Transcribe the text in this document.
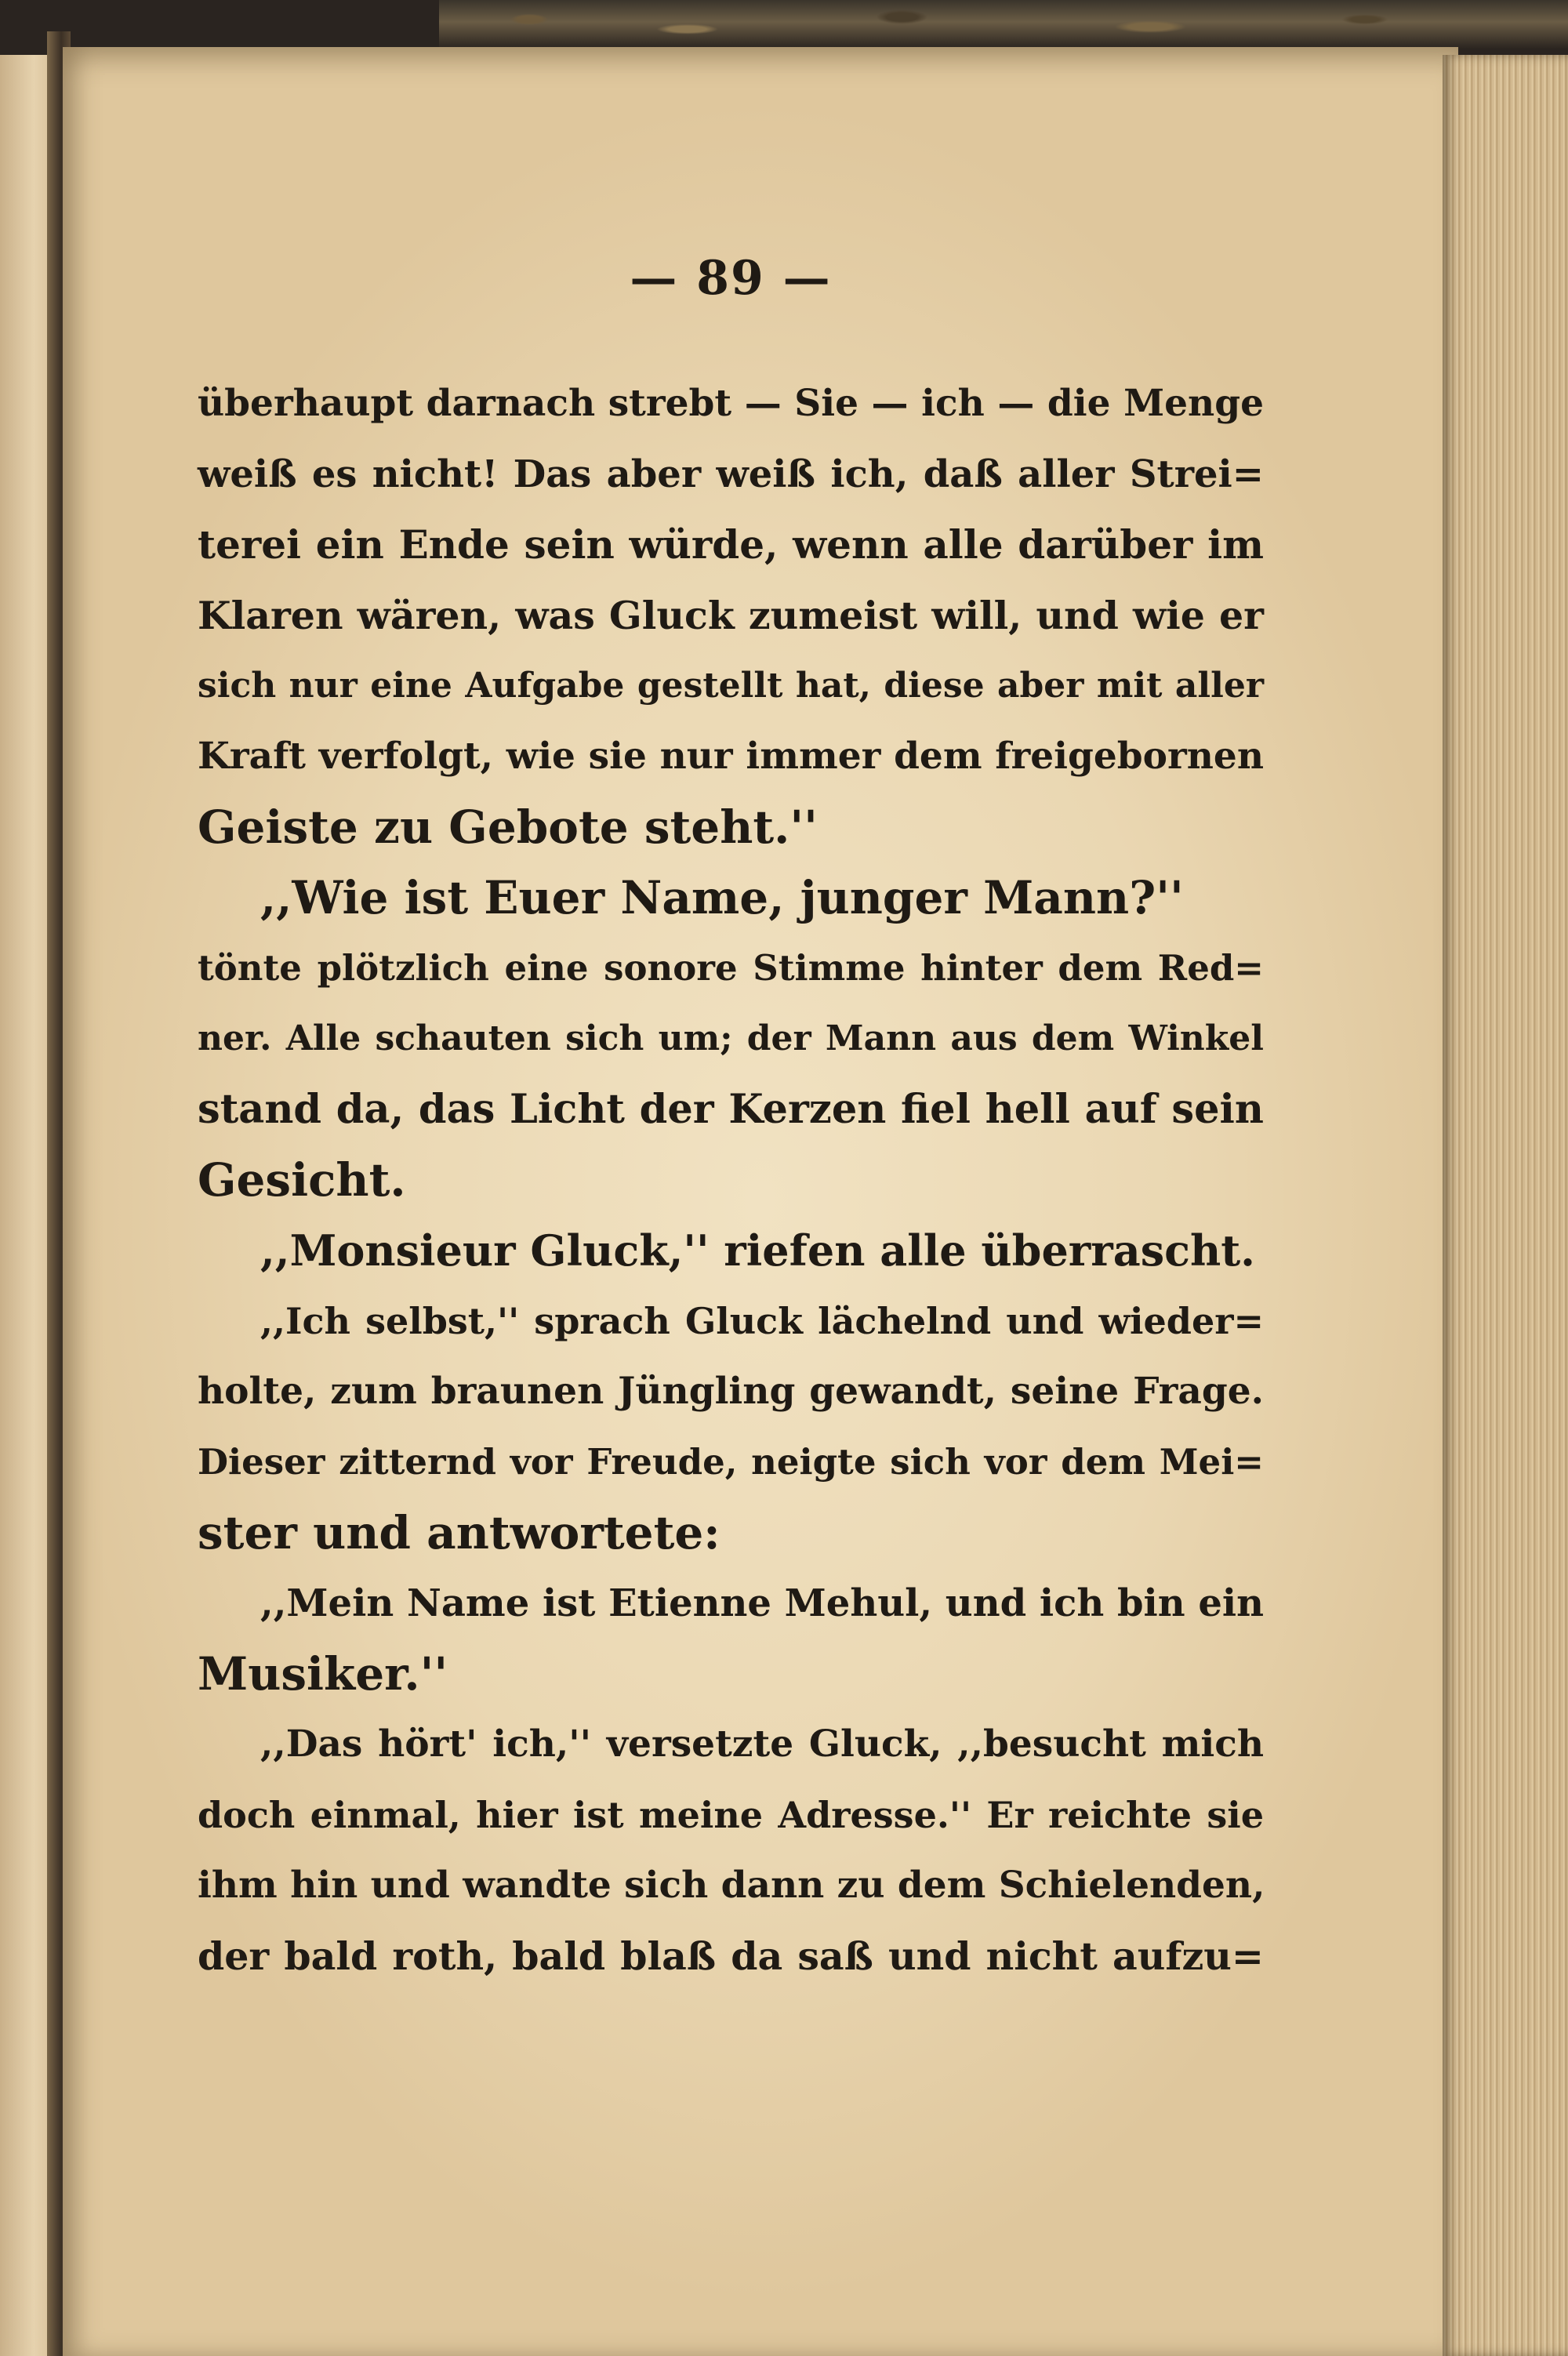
— 89 —
überhaupt darnach strebt — Sie — ich — die Menge
weiß es nicht! Das aber weiß ich, daß aller Strei=
terei ein Ende sein würde, wenn alle darüber im
Klaren wären, was Gluck zumeist will, und wie er
sich nur eine Aufgabe gestellt hat, diese aber mit aller
Kraft verfolgt, wie sie nur immer dem freigebornen
Geiste zu Gebote steht.''
,,Wie ist Euer Name, junger Mann?''
tönte plötzlich eine sonore Stimme hinter dem Red=
ner. Alle schauten sich um; der Mann aus dem Winkel
stand da, das Licht der Kerzen fiel hell auf sein
Gesicht.
,,Monsieur Gluck,'' riefen alle überrascht.
,,Ich selbst,'' sprach Gluck lächelnd und wieder=
holte, zum braunen Jüngling gewandt, seine Frage.
Dieser zitternd vor Freude, neigte sich vor dem Mei=
ster und antwortete:
,,Mein Name ist Etienne Mehul, und ich bin ein
Musiker.''
,,Das hört' ich,'' versetzte Gluck, ,,besucht mich
doch einmal, hier ist meine Adresse.'' Er reichte sie
ihm hin und wandte sich dann zu dem Schielenden,
der bald roth, bald blaß da saß und nicht aufzu=
